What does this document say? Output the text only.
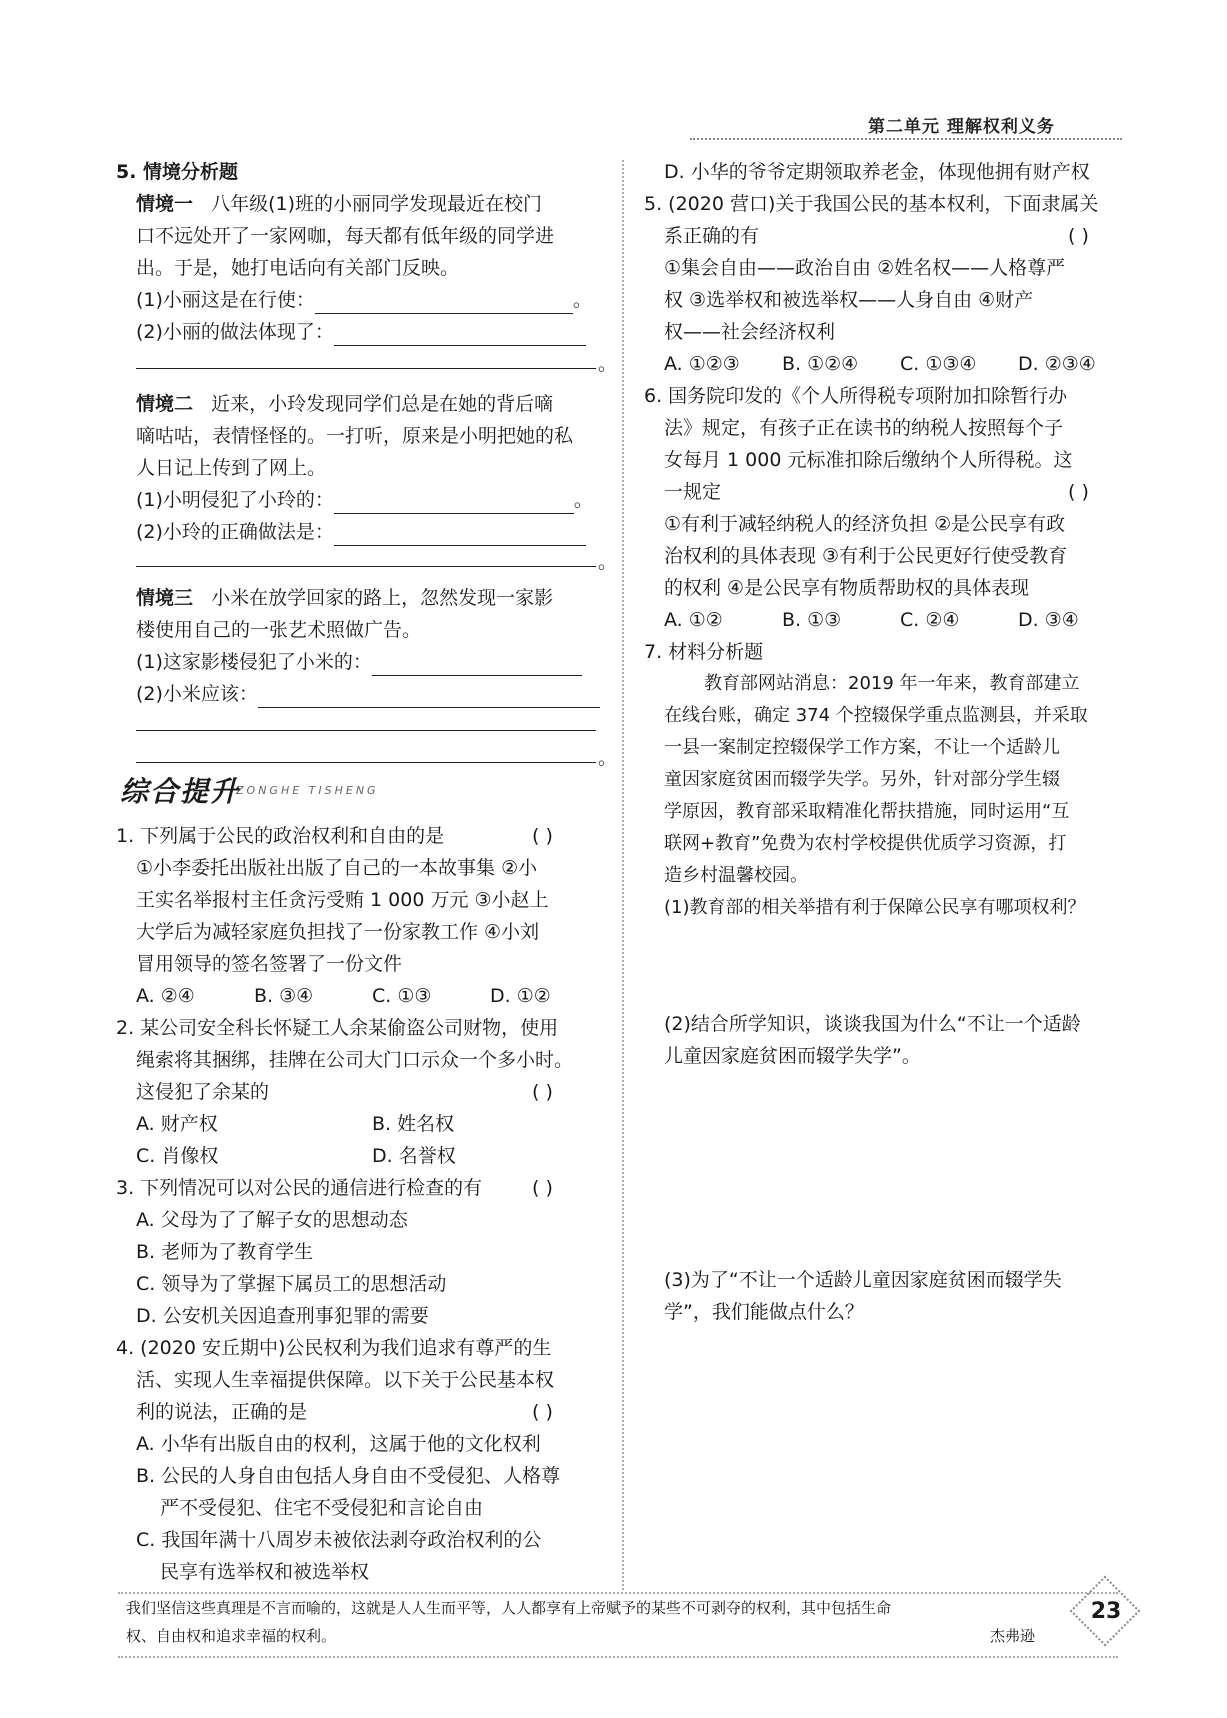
第二单元 理解权利义务
5. 情境分析题
情境一 八年级(1)班的小丽同学发现最近在校门
口不远处开了一家网咖，每天都有低年级的同学进
出。于是，她打电话向有关部门反映。
(1)小丽这是在行使：	。
(2)小丽的做法体现了：
。
情境二 近来，小玲发现同学们总是在她的背后嘀
嘀咕咕，表情怪怪的。一打听，原来是小明把她的私
人日记上传到了网上。
(1)小明侵犯了小玲的：	。
(2)小玲的正确做法是：
。
情境三 小米在放学回家的路上，忽然发现一家影
楼使用自己的一张艺术照做广告。
(1)这家影楼侵犯了小米的：
(2)小米应该：
。
综合提升
ZONGHE TISHENG
1. 下列属于公民的政治权利和自由的是	( )
①小李委托出版社出版了自己的一本故事集 ②小
王实名举报村主任贪污受贿 1 000 万元 ③小赵上
大学后为减轻家庭负担找了一份家教工作 ④小刘
冒用领导的签名签署了一份文件
A. ②④	B. ③④	C. ①③	D. ①②
2. 某公司安全科长怀疑工人余某偷盗公司财物，使用
绳索将其捆绑，挂牌在公司大门口示众一个多小时。
这侵犯了余某的	( )
A. 财产权	B. 姓名权
C. 肖像权	D. 名誉权
3. 下列情况可以对公民的通信进行检查的有	( )
A. 父母为了了解子女的思想动态
B. 老师为了教育学生
C. 领导为了掌握下属员工的思想活动
D. 公安机关因追查刑事犯罪的需要
4. (2020 安丘期中)公民权利为我们追求有尊严的生
活、实现人生幸福提供保障。以下关于公民基本权
利的说法，正确的是	( )
A. 小华有出版自由的权利，这属于他的文化权利
B. 公民的人身自由包括人身自由不受侵犯、人格尊
严不受侵犯、住宅不受侵犯和言论自由
C. 我国年满十八周岁未被依法剥夺政治权利的公
民享有选举权和被选举权
D. 小华的爷爷定期领取养老金，体现他拥有财产权
5. (2020 营口)关于我国公民的基本权利，下面隶属关
系正确的有	( )
①集会自由——政治自由 ②姓名权——人格尊严
权 ③选举权和被选举权——人身自由 ④财产
权——社会经济权利
A. ①②③ B. ①②④ C. ①③④ D. ②③④
6. 国务院印发的《个人所得税专项附加扣除暂行办
法》规定，有孩子正在读书的纳税人按照每个子
女每月 1 000 元标准扣除后缴纳个人所得税。这
一规定	( )
①有利于减轻纳税人的经济负担 ②是公民享有政
治权利的具体表现 ③有利于公民更好行使受教育
的权利 ④是公民享有物质帮助权的具体表现
A. ①②	B. ①③	C. ②④	D. ③④
7. 材料分析题
教育部网站消息：2019 年一年来，教育部建立
在线台账，确定 374 个控辍保学重点监测县，并采取
一县一案制定控辍保学工作方案，不让一个适龄儿
童因家庭贫困而辍学失学。另外，针对部分学生辍
学原因，教育部采取精准化帮扶措施，同时运用“互
联网+教育”免费为农村学校提供优质学习资源，打
造乡村温馨校园。
(1)教育部的相关举措有利于保障公民享有哪项权利？
(2)结合所学知识，谈谈我国为什么“不让一个适龄
儿童因家庭贫困而辍学失学”。
(3)为了“不让一个适龄儿童因家庭贫困而辍学失
学”，我们能做点什么？
我们坚信这些真理是不言而喻的，这就是人人生而平等，人人都享有上帝赋予的某些不可剥夺的权利，其中包括生命
权、自由权和追求幸福的权利。	杰弗逊
23
